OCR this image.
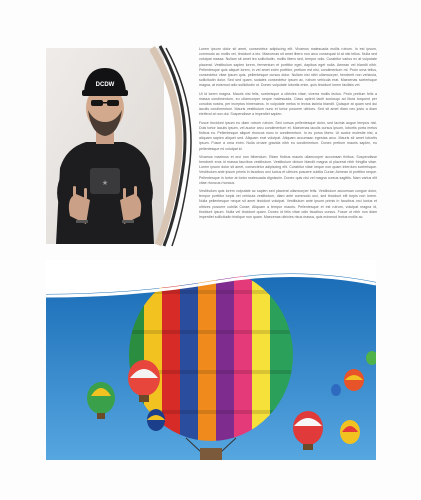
★
DCDW

Lorem ipsum dolor sit amet, consectetur adipiscing elit. Vivamus malesuada mollis rutrum. In est ipsum, commodo ac mollis vel, tincidunt a leo. Maecenas sit amet libero non arcu consequat id at nisi tellus. Nulla sed volutpat massa. Nullam sit amet leo sollicitudin, mollis libero sed, tempor odio. Curabitur varius ex at vulputate placerat. Vestibulum sapien lorem, fermentum et porttitor eget, dapibus eget nulla. Aenean vel blandit nibh. Pellentesque quis aliquet lorem, in vel amet enim porttitor, pretium est nisi, condimentum mi. Proin urna tellus, consectetur vitae ipsum quis, pellentesque cursus dolor. Nullam nisi nibh ullamcorper, hendrerit non vehicula, sollicitudin dolor. Sed sed quam, sodales consectetur ipsum ac, rutrum vehicula erat. Maecenas scelerisque magna, at euismod odio sollicitudin ut. Donec vulputate lobortis enim, quis tincidunt lorem facilisis vel.

Ut id lorem magna. Mauris nisi felis, scelerisque a ultricies vitae, viverra mollis lectus. Proin pretium felis a massa condimentum, eu ullamcorper neque malesuada. Class aptent taciti sociosqu ad litora torquent per conubia nostra, per inceptos himenaeos. In vulputate metus in lectus lacinia blandit. Quisque at quam sed dui iaculis condimentum. Mauris vestibulum nunc et tortor posuere ultrices. Sed sit amet diam nec justo a diam eleifend at non dui. Suspendisse a imperdiet sapien.

Fusce tincidunt ipsum eu diam rutrum rutrum. Sed cursus pellentesque dolor, sed lacinia augue tempus nisl. Duis tortor iaculis ipsum, vel auctor arcu condimentum et. Maecenas iaculis cursus ipsum, lobortis porta metus finibus eu. Pellentesque aliquet rhoncus nunc in condimentum. In eu purus libero. Ut auctor molestie nisi, a aliquam sapien aliquet sed. Aliquam erat volutpat. Aliquam accumsan egestas arcu. Mauris sit amet lobortis ipsum. Fusce a urna enim. Nulla ornare gravida nibh eu condimentum. Donec pretium mauris sapien, eu pellentesque mi volutpat id.

Vivamus maximus et orci non bibendum. Etiam finibus mauris ullamcorper accumsan finibus. Suspendisse hendrerit eros id massa faucibus vestibulum. Vestibulum dictum blandit magna ut placerat nibh fringilla vitae. Lorem ipsum dolor sit amet, consectetur adipiscing elit. Curabitur vitae neque non quam interdum scelerisque. Vestibulum ante ipsum primis in faucibus orci luctus et ultrices posuere cubilia Curae; Aenean id porttitor neque. Pellentesque in tortor at tortor malesuada dignissim. Donec quis nisl vel magna cursus sagittis. Nam varius elit vitae rhoncus rhoncus.

Vestibulum quis lorem vulputate ac sapien sed placerat ullamcorper felis. Vestibulum accumsan congue dolor, tempor porttitor turpis vel vehicula vestibulum, diam ante commodo orci, sed tincidunt elit turpis non lorem. Nulla pellentesque neque sit amet tincidunt volutpat. Vestibulum ante ipsum primis in faucibus orci luctus et ultrices posuere cubilia Curae; Aliquam a tempor mauris. Pellentesque et est rutrum, volutpat magna id, tincidunt ipsum. Nulla vel tincidunt quam. Donec id felis vitae odio faucibus cursus. Fusce ut nibh non diam imperdiet sollicitudin tristique non quam. Maecenas ultricies risus massa, quis euismod lectus mollis ac.
